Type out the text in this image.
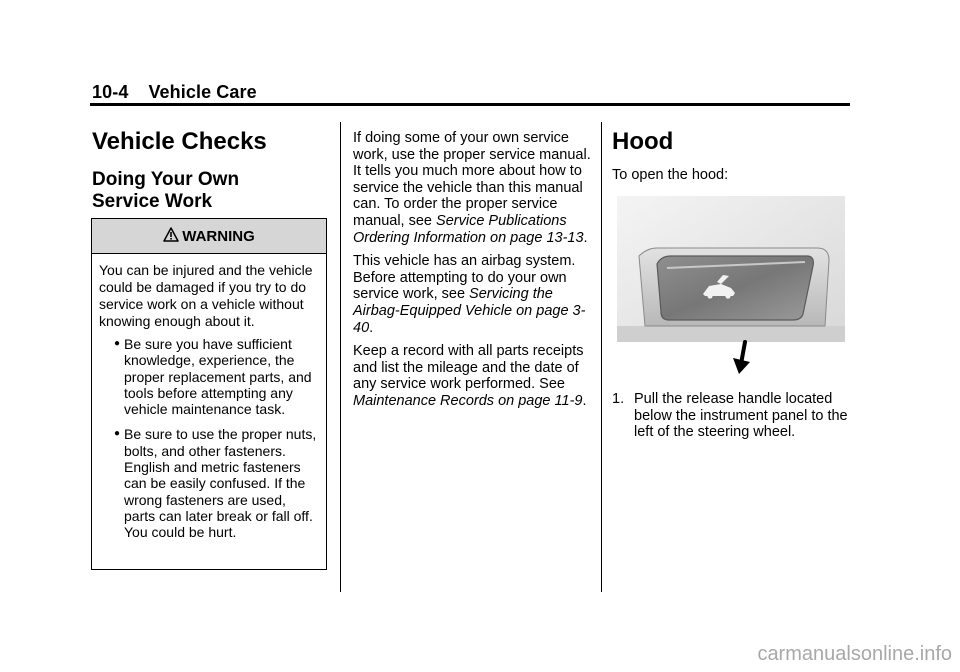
10-4 Vehicle Care
Vehicle Checks
Doing Your Own
Service Work
WARNING

You can be injured and the vehicle could be damaged if you try to do service work on a vehicle without knowing enough about it.

● Be sure you have sufficient knowledge, experience, the proper replacement parts, and tools before attempting any vehicle maintenance task.
● Be sure to use the proper nuts, bolts, and other fasteners. English and metric fasteners can be easily confused. If the wrong fasteners are used, parts can later break or fall off. You could be hurt.

If doing some of your own service work, use the proper service manual. It tells you much more about how to service the vehicle than this manual can. To order the proper service manual, see Service Publications Ordering Information on page 13-13.

This vehicle has an airbag system. Before attempting to do your own service work, see Servicing the Airbag-Equipped Vehicle on page 3-40.

Keep a record with all parts receipts and list the mileage and the date of any service work performed. See Maintenance Records on page 11-9.

Hood

To open the hood:

1. Pull the release handle located below the instrument panel to the left of the steering wheel.
carmanualsonline.info
